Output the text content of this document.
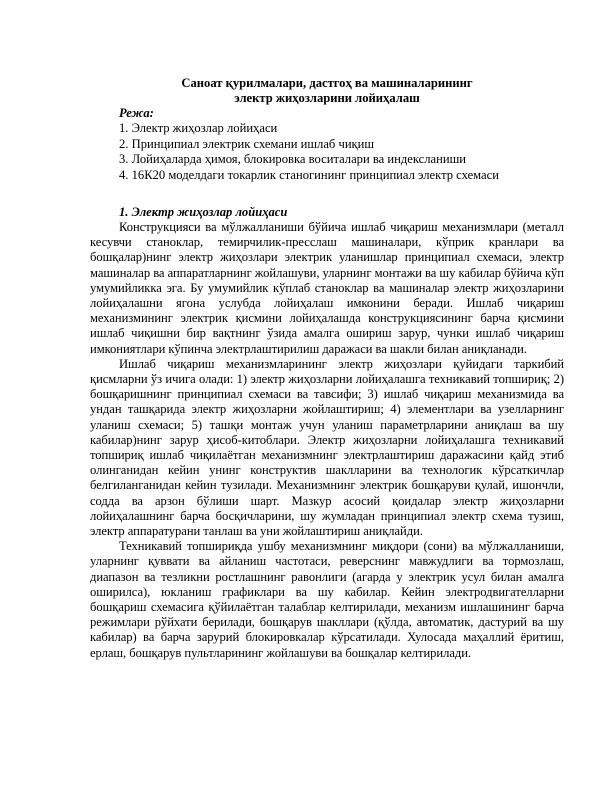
Саноат қурилмалари, дастгоҳ ва машиналарининг
электр жиҳозларини лойиҳалаш
Режа:
1. Электр жиҳозлар лойиҳаси
2. Принципиал электрик схемани ишлаб чиқиш
3. Лойиҳаларда ҳимоя, блокировка воситалари ва индексланиши
4. 16К20 моделдаги токарлик станогининг принципиал электр схемаси
1. Электр жиҳозлар лойиҳаси

Конструкцияси ва мўлжалланиши бўйича ишлаб чиқариш механизмлари (металл кесувчи станоклар, темирчилик-пресслаш машиналари, кўприк кранлари ва бошқалар)нинг электр жиҳозлари электрик уланишлар принципиал схемаси, электр машиналар ва аппаратларнинг жойлашуви, уларнинг монтажи ва шу кабилар бўйича кўп умумийликка эга. Бу умумийлик кўплаб станоклар ва машиналар электр жиҳозларини лойиҳалашни ягона услубда лойиҳалаш имконини беради. Ишлаб чиқариш механизмининг электрик қисмини лойиҳалашда конструкциясининг барча қисмини ишлаб чиқишни бир вақтнинг ўзида амалга ошириш зарур, чунки ишлаб чиқариш имкониятлари кўпинча электрлаштирилиш даражаси ва шакли билан аниқланади.

Ишлаб чиқариш механизмларининг электр жиҳозлари қуйидаги таркибий қисмларни ўз ичига олади: 1) электр жиҳозларни лойиҳалашга техникавий топшириқ; 2) бошқаришнинг принципиал схемаси ва тавсифи; 3) ишлаб чиқариш механизмида ва ундан ташқарида электр жиҳозларни жойлаштириш; 4) элементлари ва узелларнинг уланиш схемаси; 5) ташқи монтаж учун уланиш параметрларини аниқлаш ва шу кабилар)нинг зарур ҳисоб-китоблари. Электр жиҳозларни лойиҳалашга техникавий топшириқ ишлаб чиқилаётган механизмнинг электрлаштириш даражасини қайд этиб олинганидан кейин унинг конструктив шаклларини ва технологик кўрсаткичлар белгиланганидан кейин тузилади. Механизмнинг электрик бошқаруви қулай, ишончли, содда ва арзон бўлиши шарт. Мазкур асосий қоидалар электр жиҳозларни лойиҳалашнинг барча босқичларини, шу жумладан принципиал электр схема тузиш, электр аппаратурани танлаш ва уни жойлаштириш аниқлайди.

Техникавий топшириқда ушбу механизмнинг миқдори (сони) ва мўлжалланиши, уларнинг қуввати ва айланиш частотаси, реверснинг мавжудлиги ва тормозлаш, диапазон ва тезликни ростлашнинг равонлиги (агарда у электрик усул билан амалга оширилса), юкланиш графиклари ва шу кабилар. Кейин электродвигателларни бошқариш схемасига қўйилаётган талаблар келтирилади, механизм ишлашининг барча режимлари рўйхати берилади, бошқарув шакллари (қўлда, автоматик, дастурий ва шу кабилар) ва барча зарурий блокировкалар кўрсатилади. Хулосада маҳаллий ёритиш, ерлаш, бошқарув пультларининг жойлашуви ва бошқалар келтирилади.
